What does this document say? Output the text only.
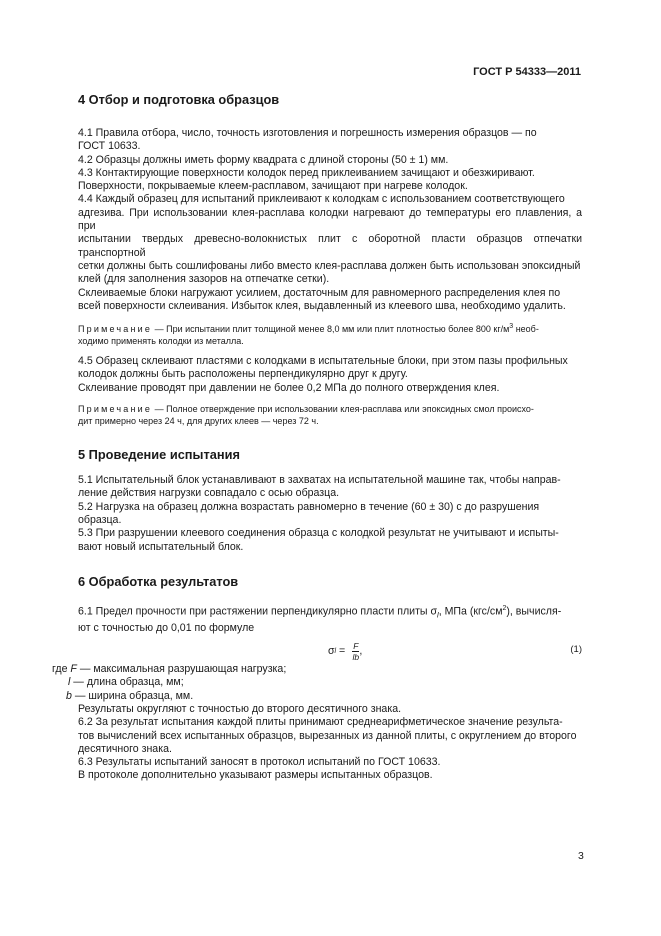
ГОСТ Р 54333—2011
4 Отбор и подготовка образцов

4.1 Правила отбора, число, точность изготовления и погрешность измерения образцов — по

ГОСТ 10633.

4.2 Образцы должны иметь форму квадрата с длиной стороны (50 ± 1) мм.

4.3 Контактирующие поверхности колодок перед приклеиванием зачищают и обезжиривают.

Поверхности, покрываемые клеем-расплавом, зачищают при нагреве колодок.

4.4 Каждый образец для испытаний приклеивают к колодкам с использованием соответствующего

адгезива. При использовании клея-расплава колодки нагревают до температуры его плавления, а при

испытании твердых древесно-волокнистых плит с оборотной пласти образцов отпечатки транспортной

сетки должны быть сошлифованы либо вместо клея-расплава должен быть использован эпоксидный

клей (для заполнения зазоров на отпечатке сетки).

Склеиваемые блоки нагружают усилием, достаточным для равномерного распределения клея по

всей поверхности склеивания. Избыток клея, выдавленный из клеевого шва, необходимо удалить.

Примечание — При испытании плит толщиной менее 8,0 мм или плит плотностью более 800 $кг/м^3$ необ-

ходимо применять колодки из металла.

4.5 Образец склеивают пластями с колодками в испытательные блоки, при этом пазы профильных

колодок должны быть расположены перпендикулярно друг к другу.

Склеивание проводят при давлении не более 0,2 МПа до полного отверждения клея.

Примечание — Полное отверждение при использовании клея-расплава или эпоксидных смол происхо-

дит примерно через 24 ч, для других клеев — через 72 ч.

5 Проведение испытания

5.1 Испытательный блок устанавливают в захватах на испытательной машине так, чтобы направ-

ление действия нагрузки совпадало с осью образца.

5.2 Нагрузка на образец должна возрастать равномерно в течение (60 ± 30) с до разрушения

образца.

5.3 При разрушении клеевого соединения образца с колодкой результат не учитывают и испыты-

вают новый испытательный блок.

6 Обработка результатов

6.1 Предел прочности при растяжении перпендикулярно пласти плиты $\sigma_l$, МПа $(кгс/см^2)$, вычисля-

ют с точностью до 0,01 по формуле

σ $l = \frac{F}{lb}$ ,	(1)

где F — максимальная разрушающая нагрузка;

l — длина образца, мм;

b — ширина образца, мм.

Результаты округляют с точностью до второго десятичного знака.

6.2 За результат испытания каждой плиты принимают среднеарифметическое значение результа-

тов вычислений всех испытанных образцов, вырезанных из данной плиты, с округлением до второго

десятичного знака.

6.3 Результаты испытаний заносят в протокол испытаний по ГОСТ 10633.

В протоколе дополнительно указывают размеры испытанных образцов.

3
